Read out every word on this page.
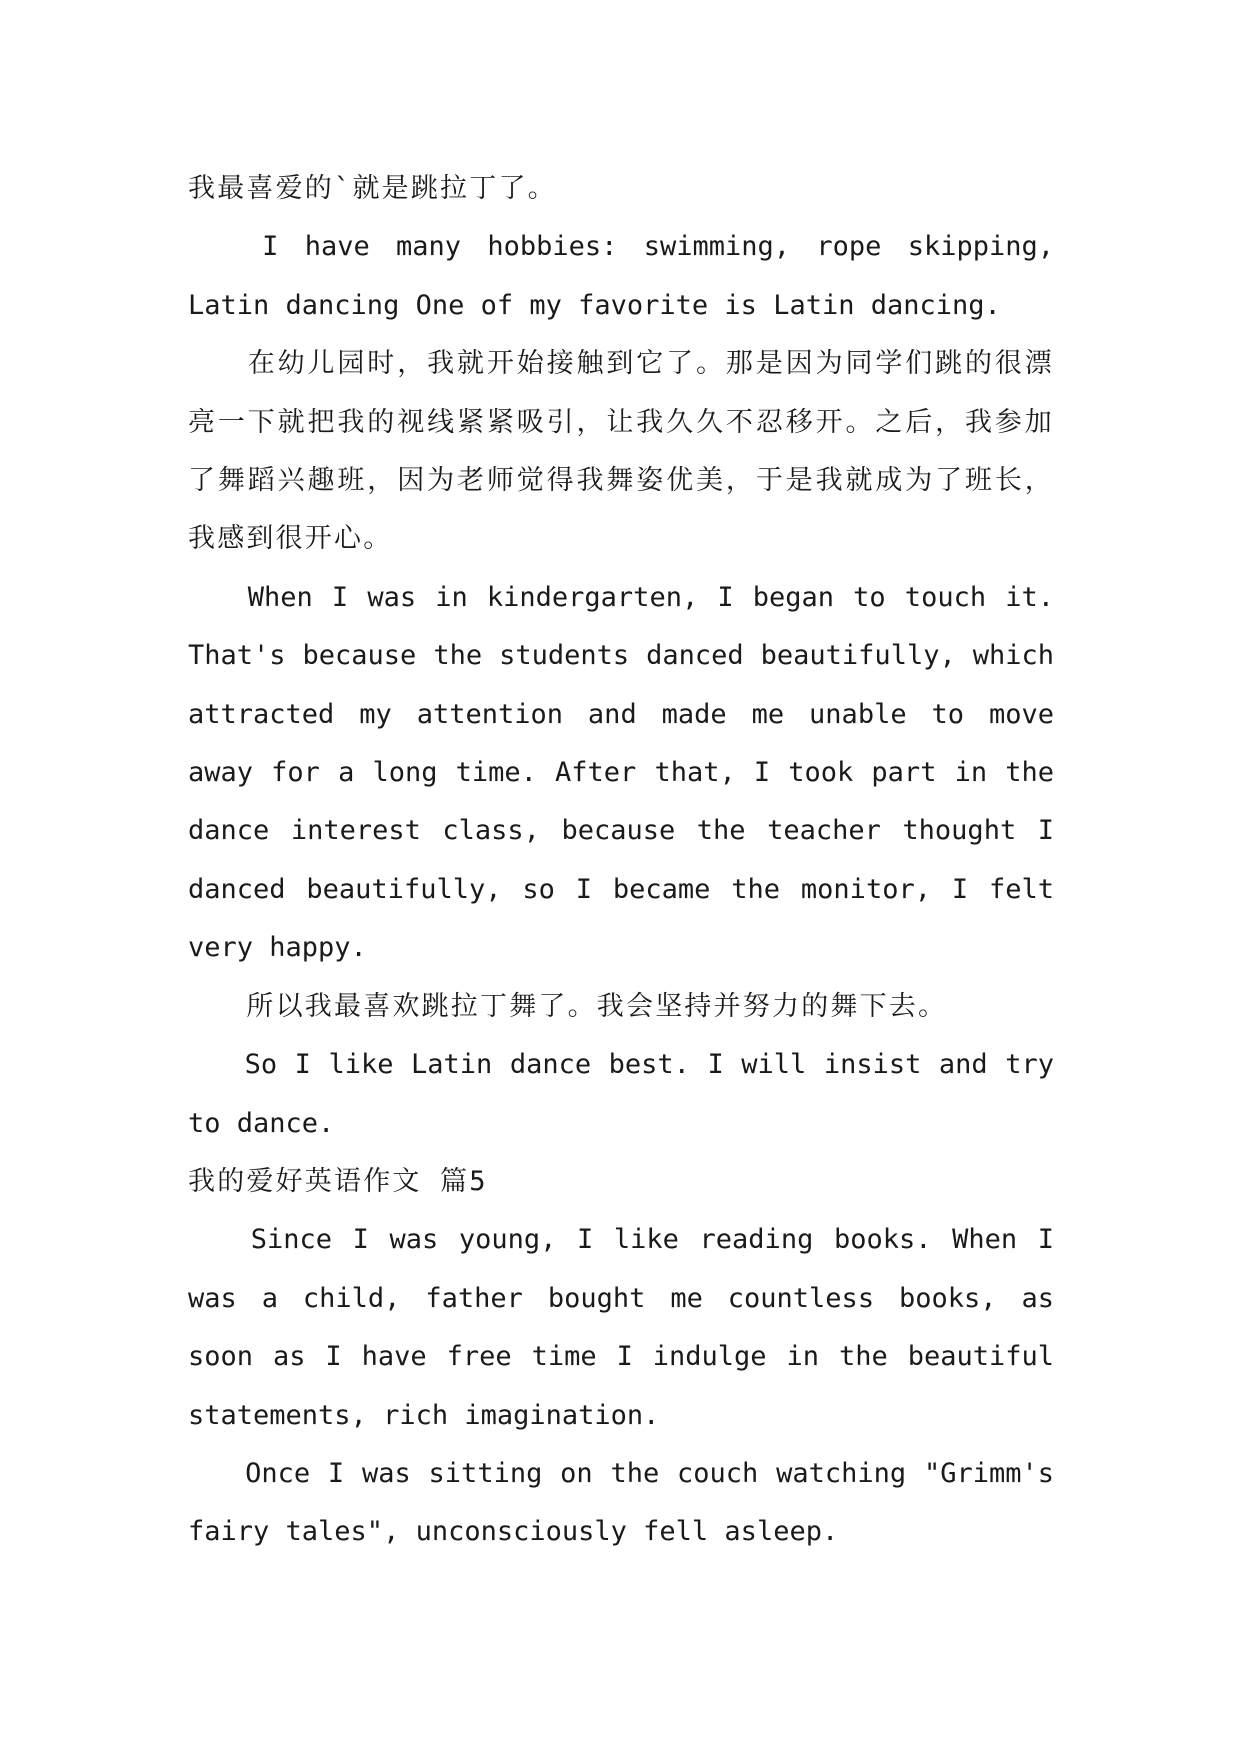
我最喜爱的`就是跳拉丁了。

　　I have many hobbies: swimming, rope skipping, Latin dancing One of my favorite is Latin dancing.

　　在幼儿园时，我就开始接触到它了。那是因为同学们跳的很漂亮一下就把我的视线紧紧吸引，让我久久不忍移开。之后，我参加了舞蹈兴趣班，因为老师觉得我舞姿优美，于是我就成为了班长，我感到很开心。

　　When I was in kindergarten, I began to touch it. That's because the students danced beautifully, which attracted my attention and made me unable to move away for a long time. After that, I took part in the dance interest class, because the teacher thought I danced beautifully, so I became the monitor, I felt very happy.

　　所以我最喜欢跳拉丁舞了。我会坚持并努力的舞下去。

　　So I like Latin dance best. I will insist and try to dance.

我的爱好英语作文 篇5

　　Since I was young, I like reading books. When I was a child, father bought me countless books, as soon as I have free time I indulge in the beautiful statements, rich imagination.

　　Once I was sitting on the couch watching "Grimm's fairy tales", unconsciously fell asleep.
